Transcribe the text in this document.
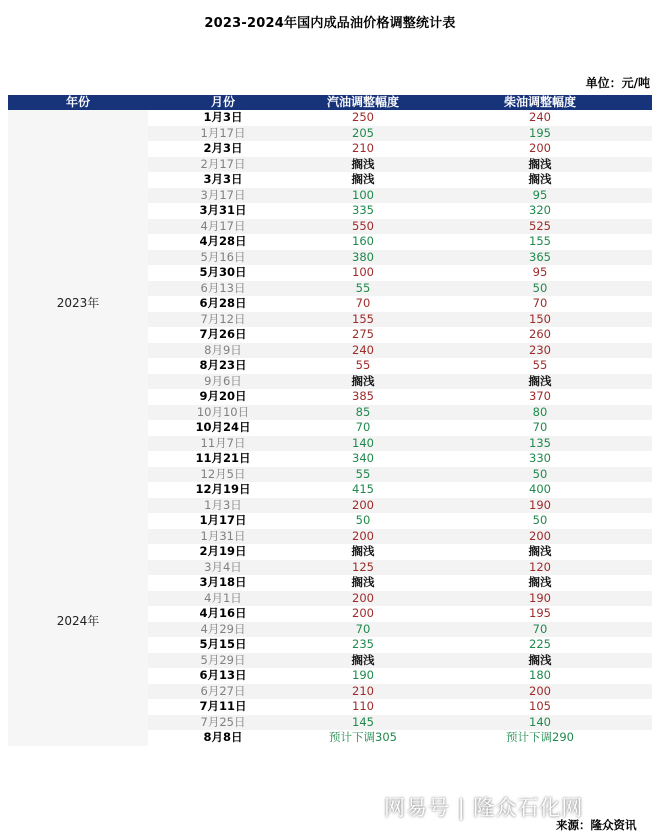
2023-2024年国内成品油价格调整统计表
单位：元/吨
年份	月份	汽油调整幅度	柴油调整幅度
2023年	1月3日	250	240
	1月17日	205	195
	2月3日	210	200
	2月17日	搁浅	搁浅
	3月3日	搁浅	搁浅
	3月17日	100	95
	3月31日	335	320
	4月17日	550	525
	4月28日	160	155
	5月16日	380	365
	5月30日	100	95
	6月13日	55	50
	6月28日	70	70
	7月12日	155	150
	7月26日	275	260
	8月9日	240	230
	8月23日	55	55
	9月6日	搁浅	搁浅
	9月20日	385	370
	10月10日	85	80
	10月24日	70	70
	11月7日	140	135
	11月21日	340	330
	12月5日	55	50
	12月19日	415	400
2024年	1月3日	200	190
	1月17日	50	50
	1月31日	200	200
	2月19日	搁浅	搁浅
	3月4日	125	120
	3月18日	搁浅	搁浅
	4月1日	200	190
	4月16日	200	195
	4月29日	70	70
	5月15日	235	225
	5月29日	搁浅	搁浅
	6月13日	190	180
	6月27日	210	200
	7月11日	110	105
	7月25日	145	140
	8月8日	预计下调305	预计下调290
网易号 | 隆众石化网
来源：隆众资讯
